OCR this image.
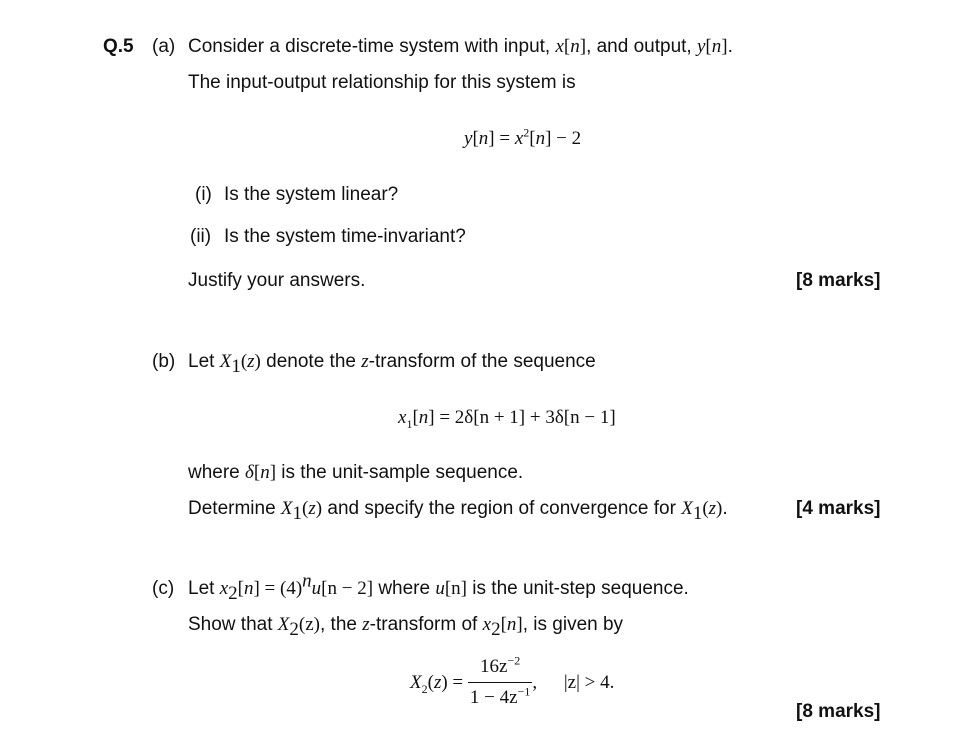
Q.5 (a) Consider a discrete-time system with input, x[n], and output, y[n].
The input-output relationship for this system is
$y[n] = x^2[n] - 2$
(i) Is the system linear?
(ii) Is the system time-invariant?
Justify your answers.	[8 marks]
(b) Let $X_1(z)$ denote the z-transform of the sequence
$x_1[n] = 2\delta[n + 1] + 3\delta[n - 1]$
where δ[n] is the unit-sample sequence.
Determine $X_1(z)$ and specify the region of convergence for $X_1(z)$.	[4 marks]
(c) Let $x_2[n] = (4)^nu[n - 2]$ where u[n] is the unit-step sequence.
Show that $X_2(z)$, the z-transform of $x_2[n]$, is given by
$X_2(z) = \frac{16z^{-2}}{1 - 4z^{-1}}$ , |z| > 4.
[8 marks]
